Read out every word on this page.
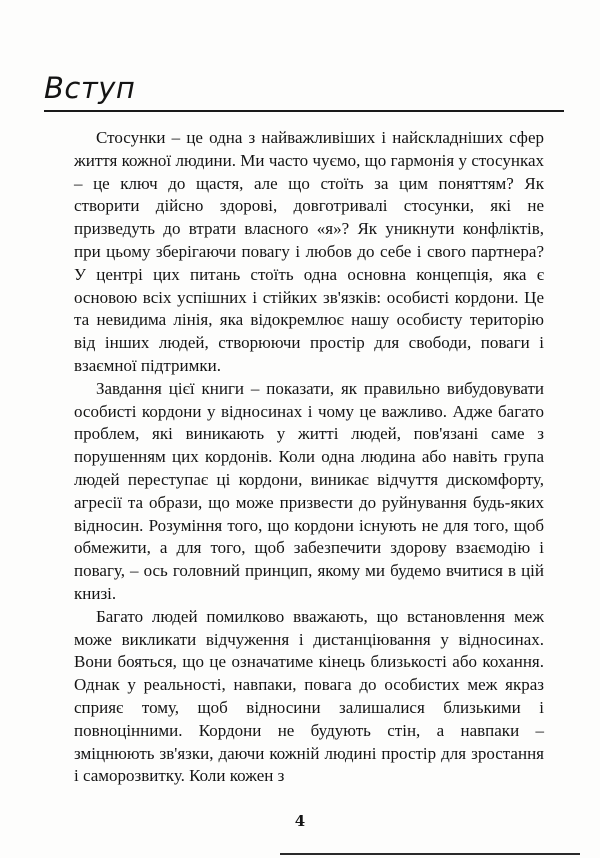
Вступ

Стосунки – це одна з найважливіших і найскладніших сфер життя кожної людини. Ми часто чуємо, що гармонія у стосунках – це ключ до щастя, але що стоїть за цим поняттям? Як створити дійсно здорові, довготривалі стосунки, які не призведуть до втрати власного «я»? Як уникнути конфліктів, при цьому зберігаючи повагу і любов до себе і свого партнера? У центрі цих питань стоїть одна основна концепція, яка є основою всіх успішних і стійких зв'язків: особисті кордони. Це та невидима лінія, яка відокремлює нашу особисту територію від інших людей, створюючи простір для свободи, поваги і взаємної підтримки.

Завдання цієї книги – показати, як правильно вибудовувати особисті кордони у відносинах і чому це важливо. Адже багато проблем, які виникають у житті людей, пов'язані саме з порушенням цих кордонів. Коли одна людина або навіть група людей переступає ці кордони, виникає відчуття дискомфорту, агресії та образи, що може призвести до руйнування будь-яких відносин. Розуміння того, що кордони існують не для того, щоб обмежити, а для того, щоб забезпечити здорову взаємодію і повагу, – ось головний принцип, якому ми будемо вчитися в цій книзі.

Багато людей помилково вважають, що встановлення меж може викликати відчуження і дистанціювання у відносинах. Вони бояться, що це означатиме кінець близькості або кохання. Однак у реальності, навпаки, повага до особистих меж якраз сприяє тому, щоб відносини залишалися близькими і повноцінними. Кордони не будують стін, а навпаки – зміцнюють зв'язки, даючи кожній людині простір для зростання і саморозвитку. Коли кожен з

4
